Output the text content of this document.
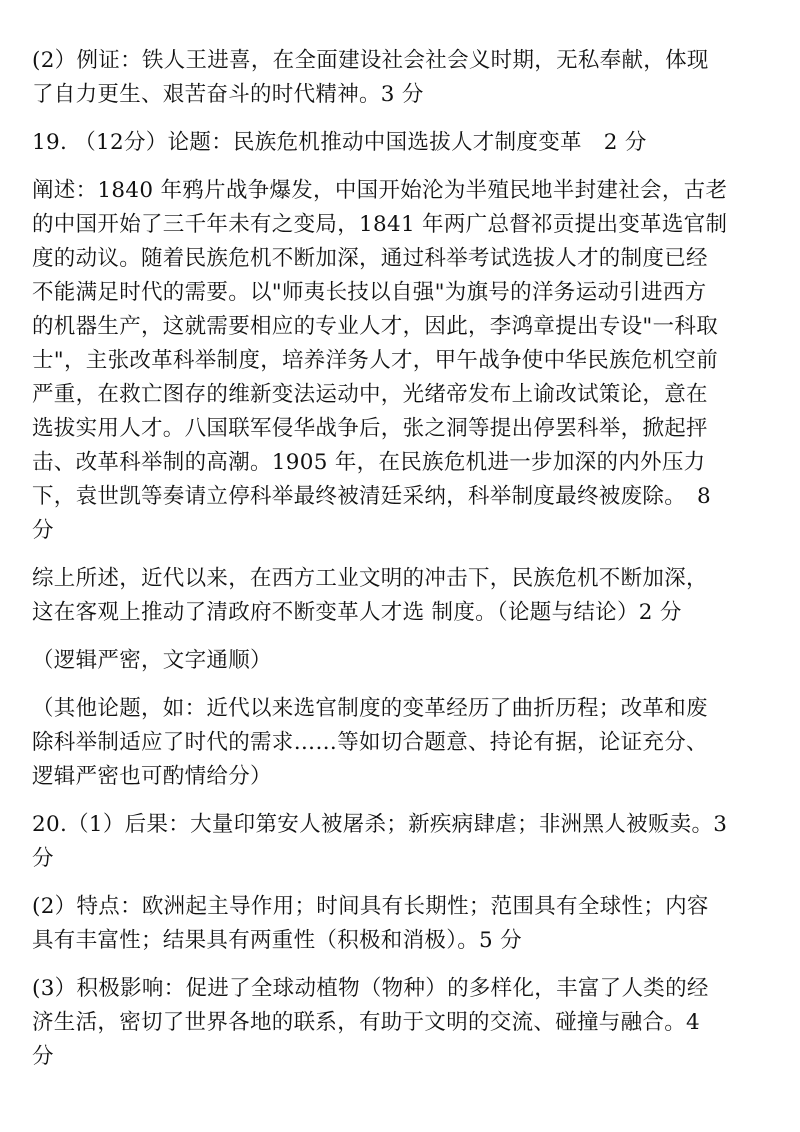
(2）例证：铁人王进喜，在全面建设社会社会义时期，无私奉献，体现
了自力更生、艰苦奋斗的时代精神。3 分
19. （12分）论题：民族危机推动中国选拔人才制度变革 2 分
阐述：1840 年鸦片战争爆发，中国开始沦为半殖民地半封建社会，古老
的中国开始了三千年未有之变局，1841 年两广总督祁贡提出变革选官制
度的动议。随着民族危机不断加深，通过科举考试选拔人才的制度已经
不能满足时代的需要。以"师夷长技以自强"为旗号的洋务运动引进西方
的机器生产，这就需要相应的专业人才，因此，李鸿章提出专设"一科取
士"，主张改革科举制度，培养洋务人才，甲午战争使中华民族危机空前
严重，在救亡图存的维新变法运动中，光绪帝发布上谕改试策论，意在
选拔实用人才。八国联军侵华战争后，张之洞等提出停罢科举，掀起抨
击、改革科举制的高潮。1905 年，在民族危机进一步加深的内外压力
下，袁世凯等奏请立停科举最终被清廷采纳，科举制度最终被废除。　8
分
综上所述，近代以来，在西方工业文明的冲击下，民族危机不断加深，
这在客观上推动了清政府不断变革人才选 制度。（论题与结论）2 分
（逻辑严密，文字通顺）
（其他论题，如：近代以来选官制度的变革经历了曲折历程；改革和废
除科举制适应了时代的需求……等如切合题意、持论有据，论证充分、
逻辑严密也可酌情给分）
20.（1）后果：大量印第安人被屠杀；新疾病肆虐；非洲黑人被贩卖。3
分
(2）特点：欧洲起主导作用；时间具有长期性；范围具有全球性；内容
具有丰富性；结果具有两重性（积极和消极）。5 分
(3）积极影响：促进了全球动植物（物种）的多样化，丰富了人类的经
济生活，密切了世界各地的联系，有助于文明的交流、碰撞与融合。4
分
